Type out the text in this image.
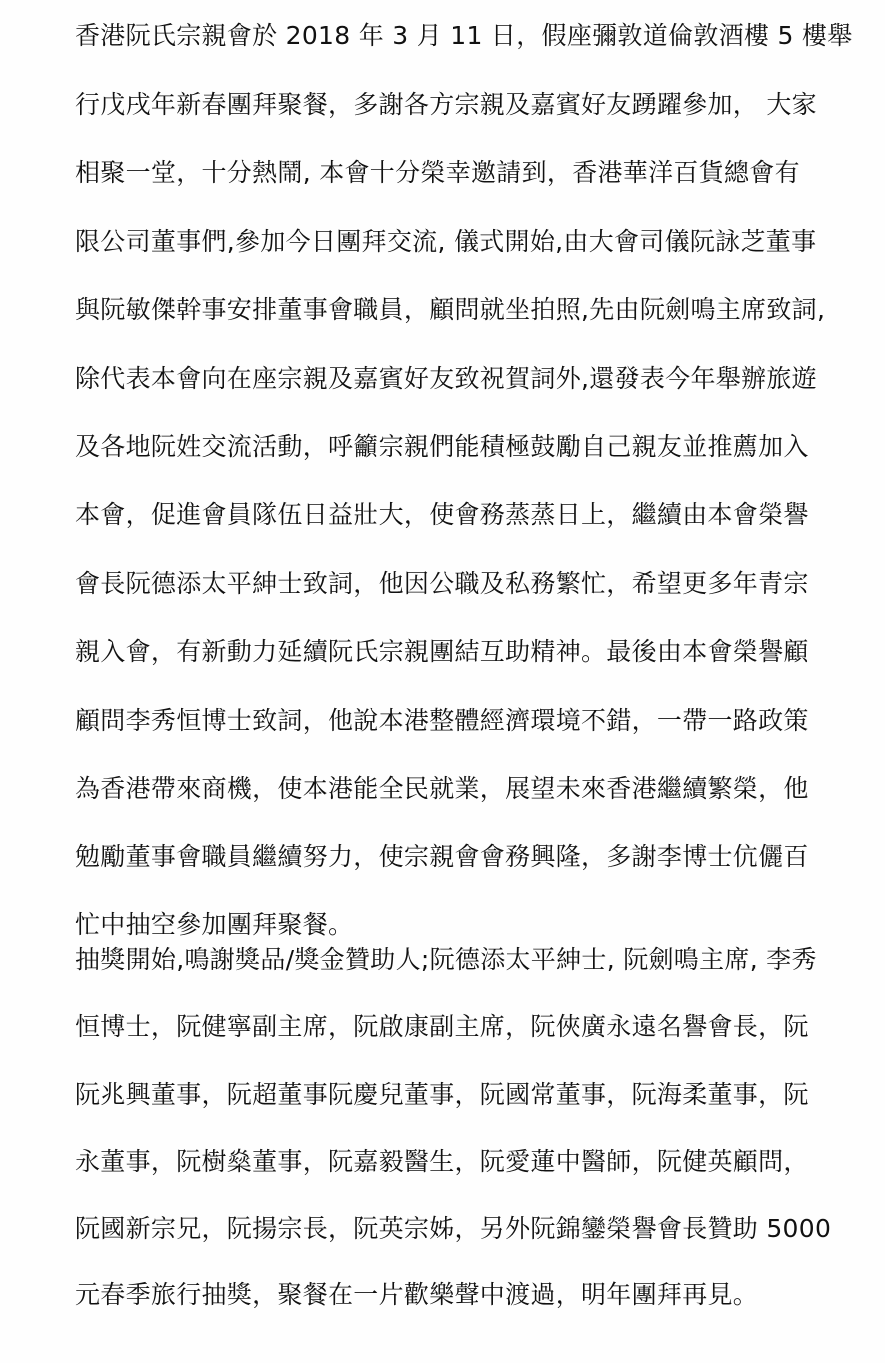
香港阮氏宗親會於 2018 年 3 月 11 日，假座彌敦道倫敦酒樓 5 樓舉
行戊戌年新春團拜聚餐，多謝各方宗親及嘉賓好友踴躍參加， 大家
相聚一堂，十分熱鬧, 本會十分榮幸邀請到，香港華洋百貨總會有
限公司董事們,參加今日團拜交流, 儀式開始,由大會司儀阮詠芝董事
與阮敏傑幹事安排董事會職員，顧問就坐拍照,先由阮劍鳴主席致詞,
除代表本會向在座宗親及嘉賓好友致祝賀詞外,還發表今年舉辦旅遊
及各地阮姓交流活動，呼籲宗親們能積極鼓勵自己親友並推薦加入
本會，促進會員隊伍日益壯大，使會務蒸蒸日上，繼續由本會榮譽
會長阮德添太平紳士致詞，他因公職及私務繁忙，希望更多年青宗
親入會，有新動力延續阮氏宗親團結互助精神。最後由本會榮譽顧
顧問李秀恒博士致詞，他說本港整體經濟環境不錯，一帶一路政策
為香港帶來商機，使本港能全民就業，展望未來香港繼續繁榮，他
勉勵董事會職員繼續努力，使宗親會會務興隆，多謝李博士伉儷百
忙中抽空參加團拜聚餐。
抽獎開始,鳴謝獎品/獎金贊助人;阮德添太平紳士, 阮劍鳴主席, 李秀
恒博士，阮健寧副主席，阮啟康副主席，阮俠廣永遠名譽會長，阮
阮兆興董事，阮超董事阮慶兒董事，阮國常董事，阮海柔董事，阮
永董事，阮樹燊董事，阮嘉毅醫生，阮愛蓮中醫師，阮健英顧問，
阮國新宗兄，阮揚宗長，阮英宗姊，另外阮錦鑾榮譽會長贊助 5000
元春季旅行抽獎，聚餐在一片歡樂聲中渡過，明年團拜再見。
